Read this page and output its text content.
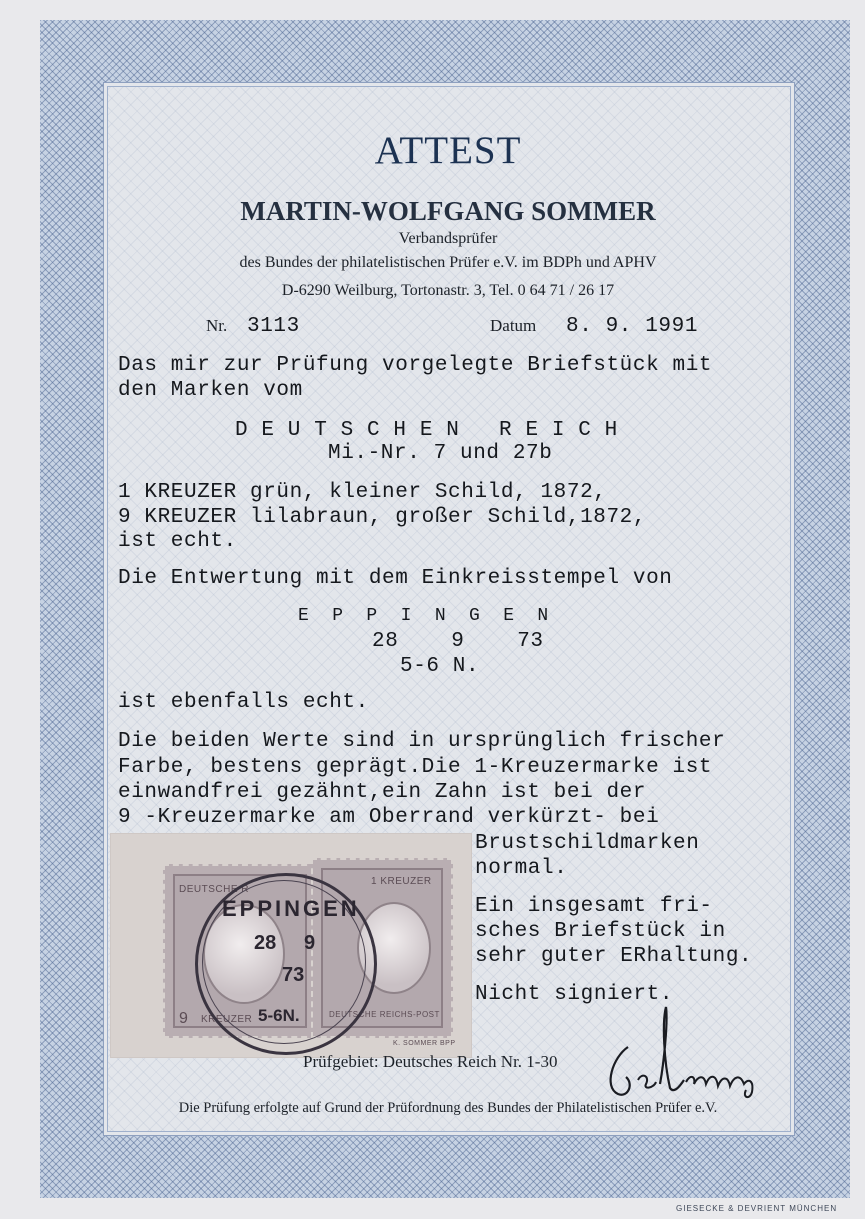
ATTEST
MARTIN-WOLFGANG SOMMER
Verbandsprüfer
des Bundes der philatelistischen Prüfer e.V. im BDPh und APHV
D-6290 Weilburg, Tortonastr. 3, Tel. 0 64 71 / 26 17
Nr. 3113	Datum 8. 9. 1991
Das mir zur Prüfung vorgelegte Briefstück mit
den Marken vom
D E U T S C H E N   R E I C H
Mi.-Nr. 7 und 27b
1 KREUZER grün, kleiner Schild, 1872,
9 KREUZER lilabraun, großer Schild,1872,
ist echt.
Die Entwertung mit dem Einkreisstempel von
E  P  P  I  N  G  E  N
28    9    73
5-6 N.
ist ebenfalls echt.
Die beiden Werte sind in ursprünglich frischer
Farbe, bestens geprägt.Die 1-Kreuzermarke ist
einwandfrei gezähnt,ein Zahn ist bei der
9 -Kreuzermarke am Oberrand verkürzt- bei
Brustschildmarken
normal.
Ein insgesamt fri-
sches Briefstück in
sehr guter ERhaltung.
Nicht signiert.
DEUTSCHE R
9 KREUZER
1 KREUZER
DEUTSCHE REICHS-POST
K. SOMMER BPP
EPPINGEN
28 9
73
5-6N.
Prüfgebiet: Deutsches Reich Nr. 1-30
Die Prüfung erfolgte auf Grund der Prüfordnung des Bundes der Philatelistischen Prüfer e.V.
GIESECKE & DEVRIENT MÜNCHEN
